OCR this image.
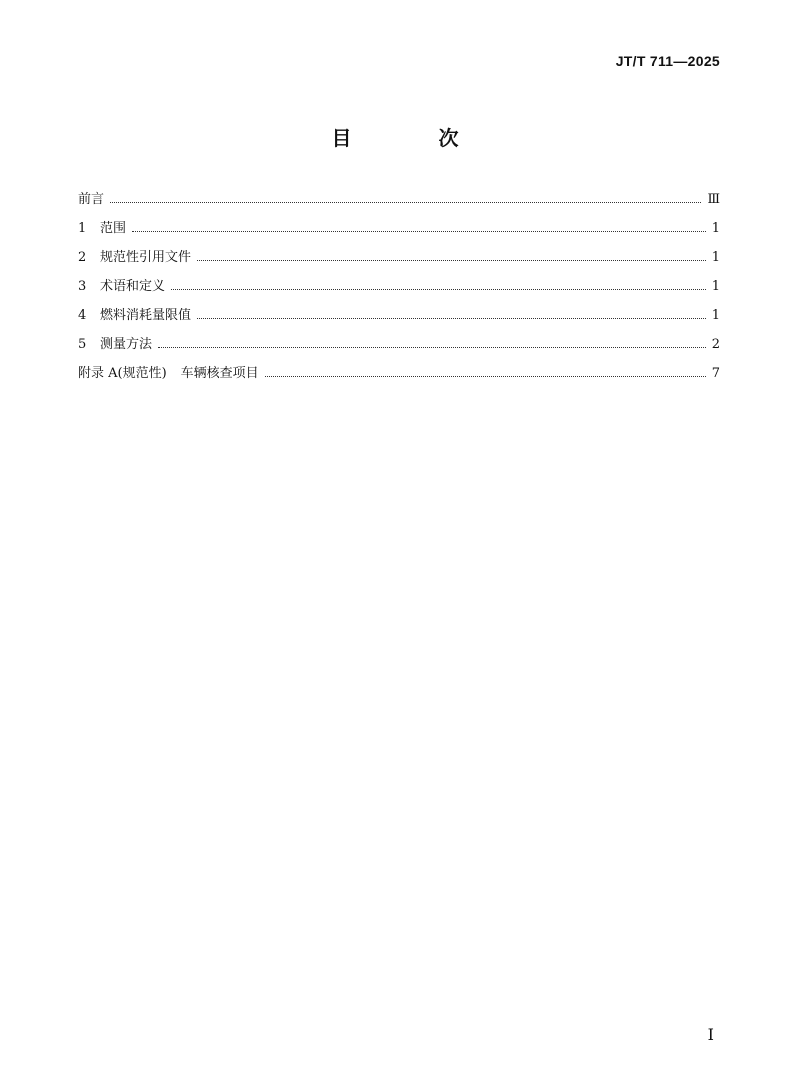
JT/T 711—2025
目 次
前言	Ⅲ
1	范围	1
2	规范性引用文件	1
3	术语和定义	1
4	燃料消耗量限值	1
5	测量方法	2
附录 A(规范性) 车辆核查项目	7
I
